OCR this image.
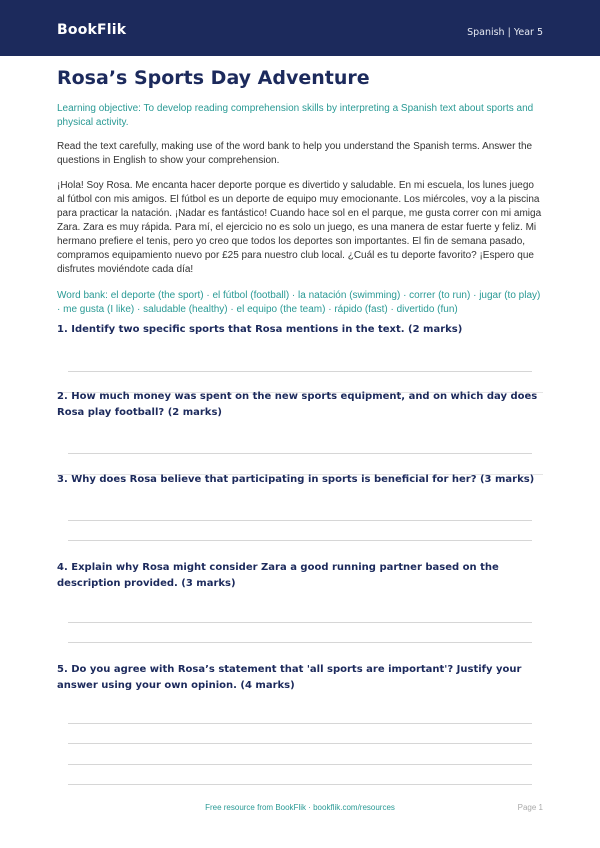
BookFlik	Spanish | Year 5
Rosa’s Sports Day Adventure

Learning objective: To develop reading comprehension skills by interpreting a Spanish text about sports and physical activity.

Read the text carefully, making use of the word bank to help you understand the Spanish terms. Answer the questions in English to show your comprehension.

¡Hola! Soy Rosa. Me encanta hacer deporte porque es divertido y saludable. En mi escuela, los lunes juego al fútbol con mis amigos. El fútbol es un deporte de equipo muy emocionante. Los miércoles, voy a la piscina para practicar la natación. ¡Nadar es fantástico! Cuando hace sol en el parque, me gusta correr con mi amiga Zara. Zara es muy rápida. Para mí, el ejercicio no es solo un juego, es una manera de estar fuerte y feliz. Mi hermano prefiere el tenis, pero yo creo que todos los deportes son importantes. El fin de semana pasado, compramos equipamiento nuevo por £25 para nuestro club local. ¿Cuál es tu deporte favorito? ¡Espero que disfrutes moviéndote cada día!

Word bank: el deporte (the sport) · el fútbol (football) · la natación (swimming) · correr (to run) · jugar (to play) · me gusta (I like) · saludable (healthy) · el equipo (the team) · rápido (fast) · divertido (fun)

1. Identify two specific sports that Rosa mentions in the text. (2 marks)
2. How much money was spent on the new sports equipment, and on which day does Rosa play football? (2 marks)
3. Why does Rosa believe that participating in sports is beneficial for her? (3 marks)
4. Explain why Rosa might consider Zara a good running partner based on the description provided. (3 marks)
5. Do you agree with Rosa’s statement that 'all sports are important'? Justify your answer using your own opinion. (4 marks)
Free resource from BookFlik · bookflik.com/resources	Page 1
